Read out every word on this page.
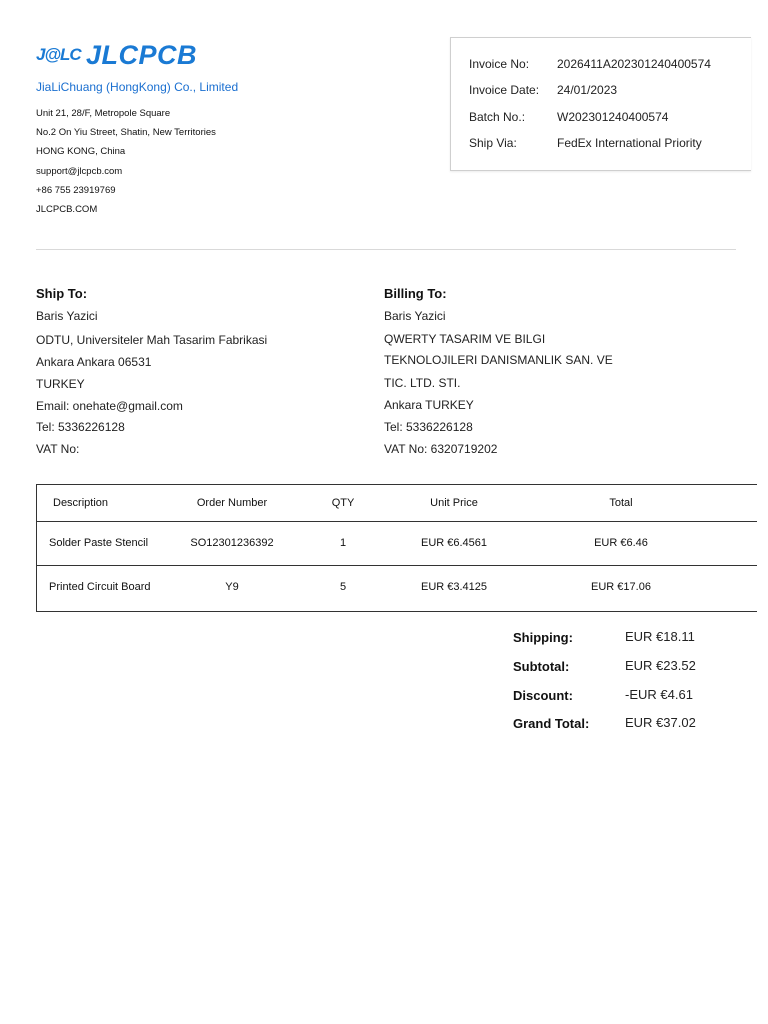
J@LC JLCPCB
JiaLiChuang (HongKong) Co., Limited
Unit 21, 28/F, Metropole Square
No.2 On Yiu Street, Shatin, New Territories
HONG KONG, China
support@jlcpcb.com
+86 755 23919769
JLCPCB.COM
Invoice No: 2026411A202301240400574
Invoice Date: 24/01/2023
Batch No.:	W202301240400574
Ship Via:	FedEx International Priority
Ship To:
Baris Yazici
ODTU, Universiteler Mah Tasarim Fabrikasi
Ankara Ankara 06531
TURKEY
Email: onehate@gmail.com
Tel: 5336226128
VAT No:
Billing To:
Baris Yazici
QWERTY TASARIM VE BILGI
TEKNOLOJILERI DANISMANLIK SAN. VE
TIC. LTD. STI.
Ankara TURKEY
Tel: 5336226128
VAT No: 6320719202
Description	Order Number	QTY	Unit Price	Total
Solder Paste Stencil	SO12301236392	1	EUR €6.4561	EUR €6.46
Printed Circuit Board	Y9	5	EUR €3.4125	EUR €17.06
Shipping:	EUR €18.11
Subtotal:	EUR €23.52
Discount:	-EUR €4.61
Grand Total:	EUR €37.02
